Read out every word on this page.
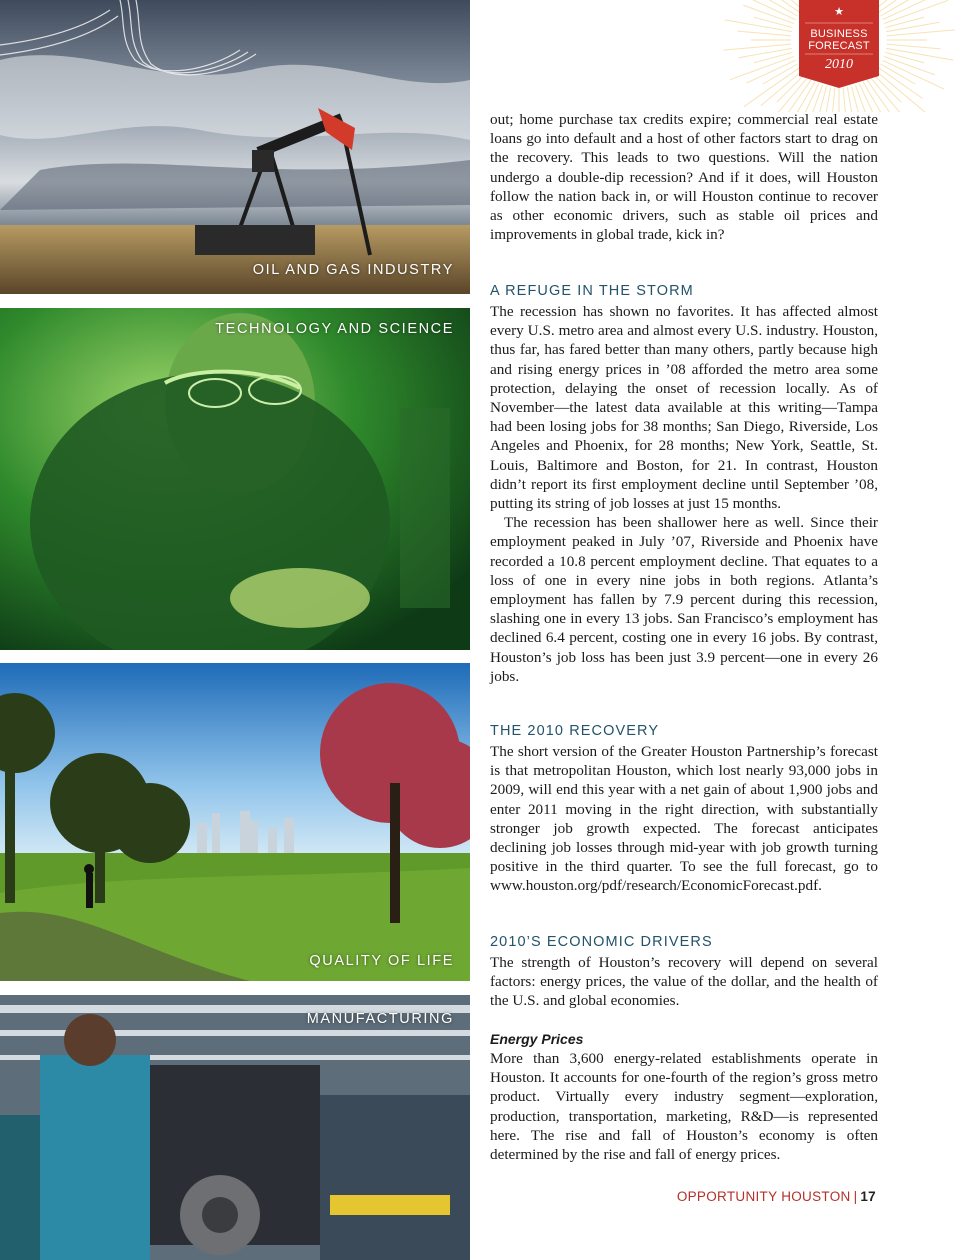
OIL AND GAS INDUSTRY
TECHNOLOGY AND SCIENCE
QUALITY OF LIFE
MANUFACTURING
★
BUSINESS
FORECAST
2010

out; home purchase tax credits expire; commercial real estate loans go into default and a host of other factors start to drag on the recovery. This leads to two questions. Will the nation undergo a double-dip recession? And if it does, will Houston follow the nation back in, or will Houston continue to recover as other economic drivers, such as stable oil prices and improvements in global trade, kick in?

A REFUGE IN THE STORM

The recession has shown no favorites. It has affected almost every U.S. metro area and almost every U.S. industry. Houston, thus far, has fared better than many others, partly because high and rising energy prices in ’08 afforded the metro area some protection, delaying the onset of recession locally. As of November—the latest data available at this writing—Tampa had been losing jobs for 38 months; San Diego, Riverside, Los Angeles and Phoenix, for 28 months; New York, Seattle, St. Louis, Baltimore and Boston, for 21. In contrast, Houston didn’t report its first employment decline until September ’08, putting its string of job losses at just 15 months.

The recession has been shallower here as well. Since their employment peaked in July ’07, Riverside and Phoenix have recorded a 10.8 percent employment decline. That equates to a loss of one in every nine jobs in both regions. Atlanta’s employment has fallen by 7.9 percent during this recession, slashing one in every 13 jobs. San Francisco’s employment has declined 6.4 percent, costing one in every 16 jobs. By contrast, Houston’s job loss has been just 3.9 percent—one in every 26 jobs.

THE 2010 RECOVERY

The short version of the Greater Houston Partnership’s forecast is that metropolitan Houston, which lost nearly 93,000 jobs in 2009, will end this year with a net gain of about 1,900 jobs and enter 2011 moving in the right direction, with substantially stronger job growth expected. The forecast anticipates declining job losses through mid-year with job growth turning positive in the third quarter. To see the full forecast, go to www.houston.org/pdf/research/EconomicForecast.pdf.

2010’S ECONOMIC DRIVERS

The strength of Houston’s recovery will depend on several factors: energy prices, the value of the dollar, and the health of the U.S. and global economies.

Energy Prices

More than 3,600 energy-related establishments operate in Houston. It accounts for one-fourth of the region’s gross metro product. Virtually every industry segment—exploration, production, transportation, marketing, R&D—is represented here. The rise and fall of Houston’s economy is often determined by the rise and fall of energy prices.

OPPORTUNITY HOUSTON | 17
